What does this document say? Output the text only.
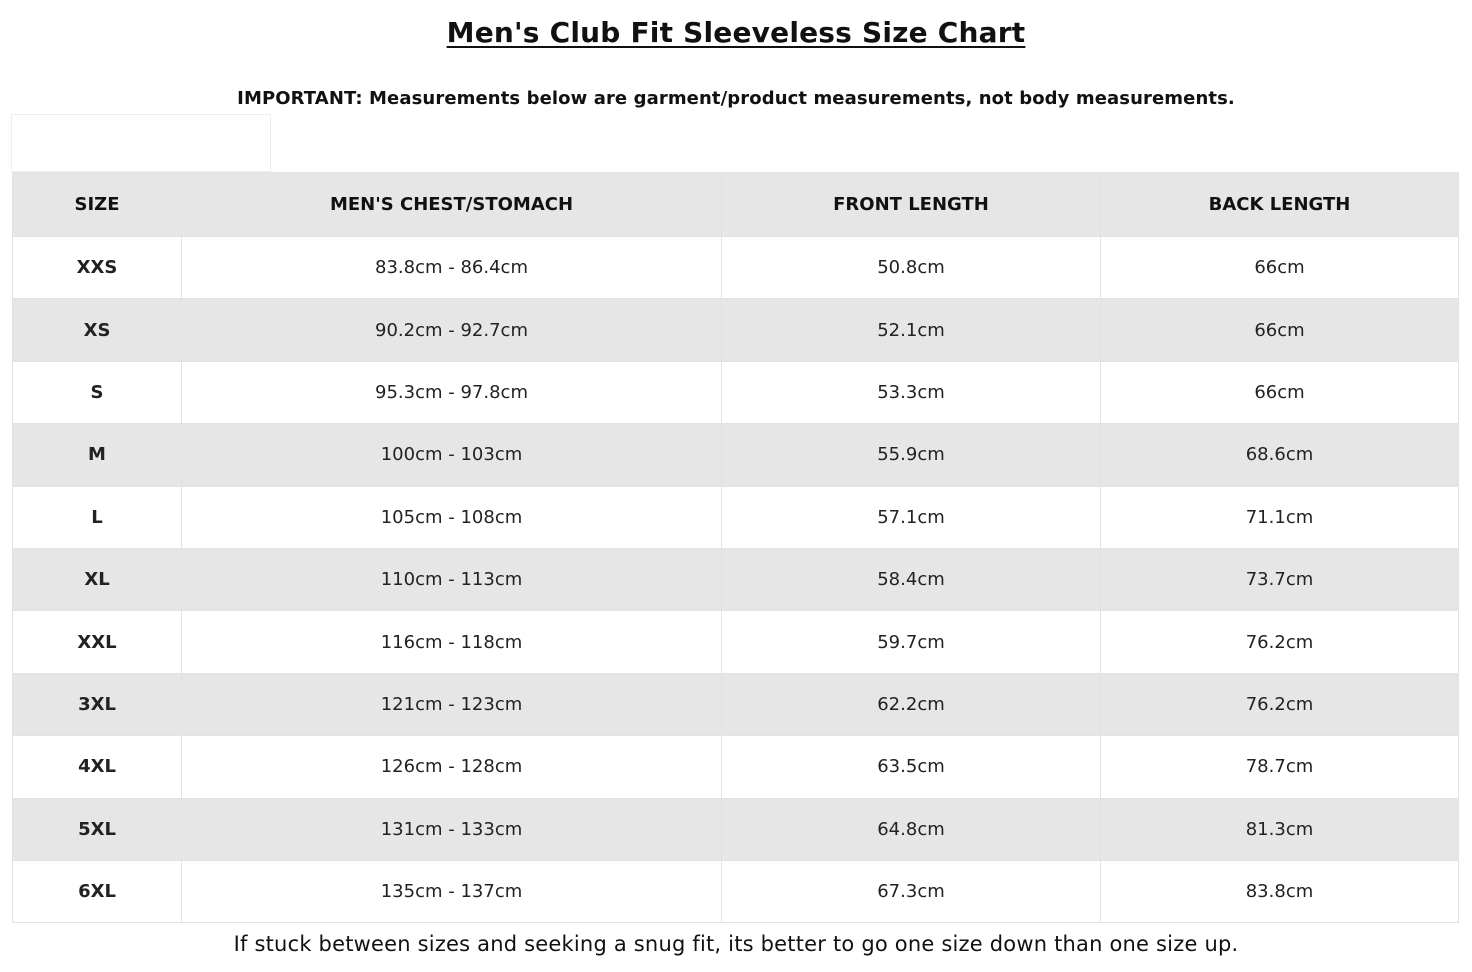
Men's Club Fit Sleeveless Size Chart
IMPORTANT: Measurements below are garment/product measurements, not body measurements.
SIZE	MEN'S CHEST/STOMACH	FRONT LENGTH	BACK LENGTH
XXS	83.8cm - 86.4cm	50.8cm	66cm
XS	90.2cm - 92.7cm	52.1cm	66cm
S	95.3cm - 97.8cm	53.3cm	66cm
M	100cm - 103cm	55.9cm	68.6cm
L	105cm - 108cm	57.1cm	71.1cm
XL	110cm - 113cm	58.4cm	73.7cm
XXL	116cm - 118cm	59.7cm	76.2cm
3XL	121cm - 123cm	62.2cm	76.2cm
4XL	126cm - 128cm	63.5cm	78.7cm
5XL	131cm - 133cm	64.8cm	81.3cm
6XL	135cm - 137cm	67.3cm	83.8cm
If stuck between sizes and seeking a snug fit, its better to go one size down than one size up.
